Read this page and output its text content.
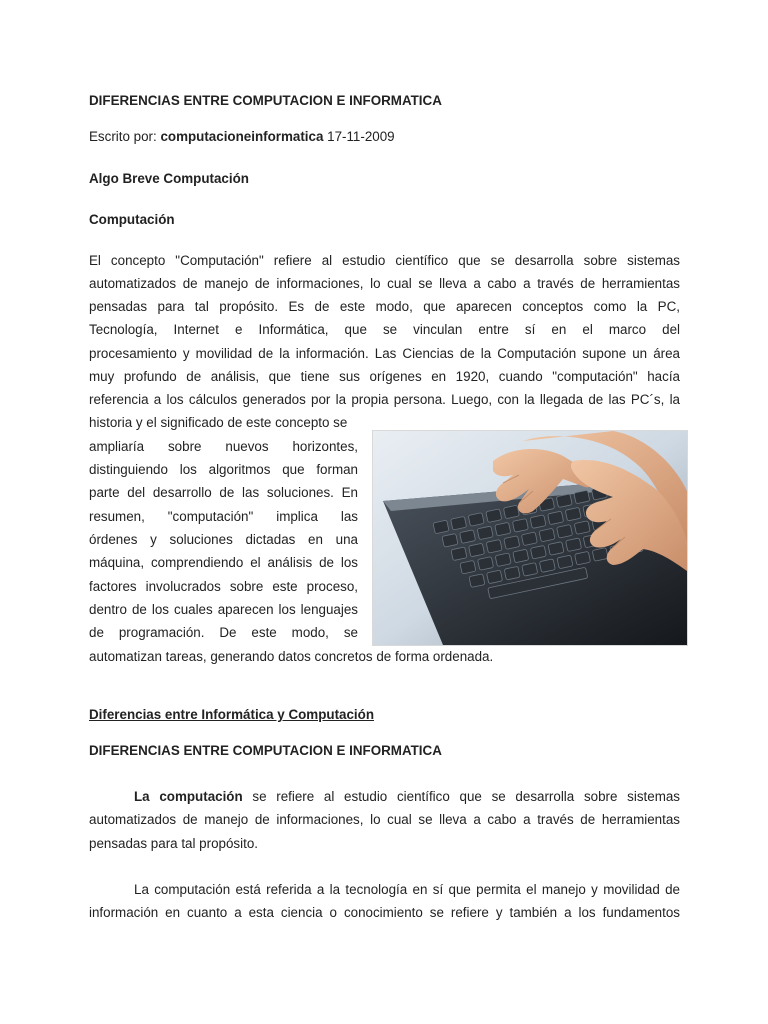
DIFERENCIAS ENTRE COMPUTACION E INFORMATICA
Escrito por: computacioneinformatica 17-11-2009
Algo Breve Computación
Computación
El concepto "Computación" refiere al estudio científico que se desarrolla sobre sistemas
automatizados de manejo de informaciones, lo cual se lleva a cabo a través de herramientas
pensadas para tal propósito. Es de este modo, que aparecen conceptos como la PC,
Tecnología, Internet e Informática, que se vinculan entre sí en el marco del
procesamiento y movilidad de la información. Las Ciencias de la Computación supone un área
muy profundo de análisis, que tiene sus orígenes en 1920, cuando "computación" hacía
referencia a los cálculos generados por la propia persona. Luego, con la llegada de las PC´s, la
historia y el significado de este concepto se
ampliaría sobre nuevos horizontes,
distinguiendo los algoritmos que forman
parte del desarrollo de las soluciones. En
resumen, "computación" implica las
órdenes y soluciones dictadas en una
máquina, comprendiendo el análisis de los
factores involucrados sobre este proceso,
dentro de los cuales aparecen los lenguajes
de programación. De este modo, se
automatizan tareas, generando datos concretos de forma ordenada.
Diferencias entre Informática y Computación
DIFERENCIAS ENTRE COMPUTACION E INFORMATICA
La computación se refiere al estudio científico que se desarrolla sobre sistemas
automatizados de manejo de informaciones, lo cual se lleva a cabo a través de herramientas
pensadas para tal propósito.
La computación está referida a la tecnología en sí que permita el manejo y movilidad de
información en cuanto a esta ciencia o conocimiento se refiere y también a los fundamentos
